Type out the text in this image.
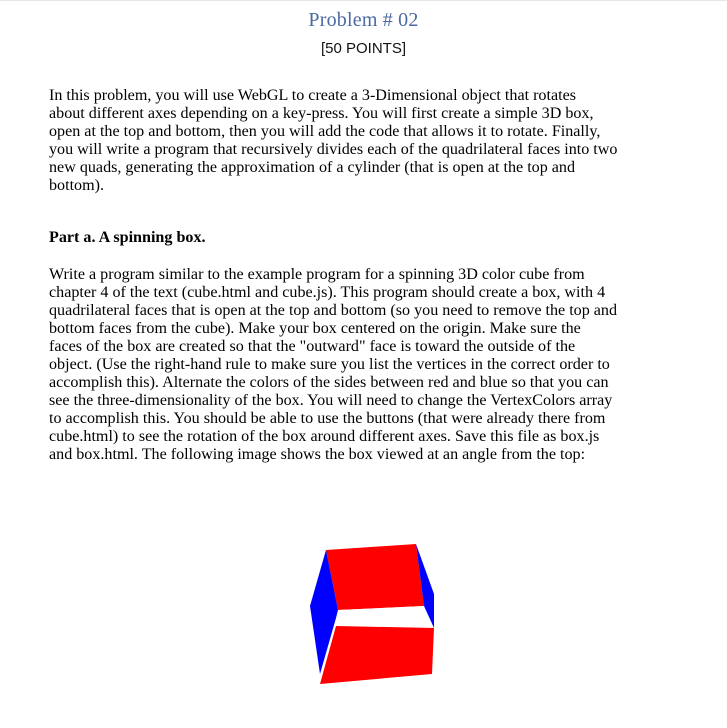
Problem # 02
[50 POINTS]

In this problem, you will use WebGL to create a 3-Dimensional object that rotates
about different axes depending on a key-press. You will first create a simple 3D box,
open at the top and bottom, then you will add the code that allows it to rotate. Finally,
you will write a program that recursively divides each of the quadrilateral faces into two
new quads, generating the approximation of a cylinder (that is open at the top and
bottom).

Part a. A spinning box.

Write a program similar to the example program for a spinning 3D color cube from
chapter 4 of the text (cube.html and cube.js). This program should create a box, with 4
quadrilateral faces that is open at the top and bottom (so you need to remove the top and
bottom faces from the cube). Make your box centered on the origin. Make sure the
faces of the box are created so that the "outward" face is toward the outside of the
object. (Use the right-hand rule to make sure you list the vertices in the correct order to
accomplish this). Alternate the colors of the sides between red and blue so that you can
see the three-dimensionality of the box. You will need to change the VertexColors array
to accomplish this. You should be able to use the buttons (that were already there from
cube.html) to see the rotation of the box around different axes. Save this file as box.js
and box.html. The following image shows the box viewed at an angle from the top:
